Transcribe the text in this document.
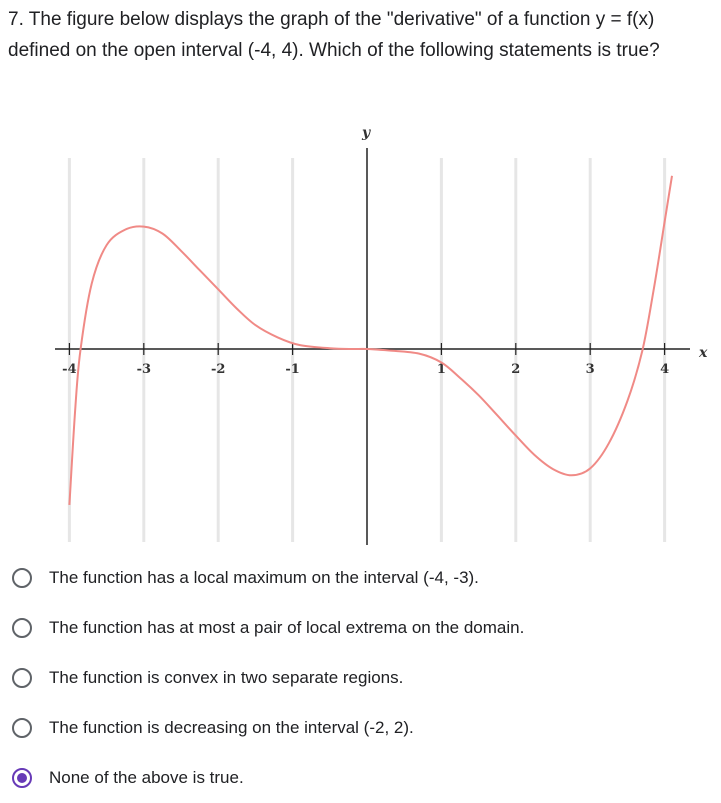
7. The figure below displays the graph of the "derivative" of a function y = f(x) defined on the open interval (-4, 4). Which of the following statements is true?
-4	-3	-2	-1	1	2	3	4
x
y
The function has a local maximum on the interval (-4, -3).
The function has at most a pair of local extrema on the domain.
The function is convex in two separate regions.
The function is decreasing on the interval (-2, 2).
None of the above is true.
